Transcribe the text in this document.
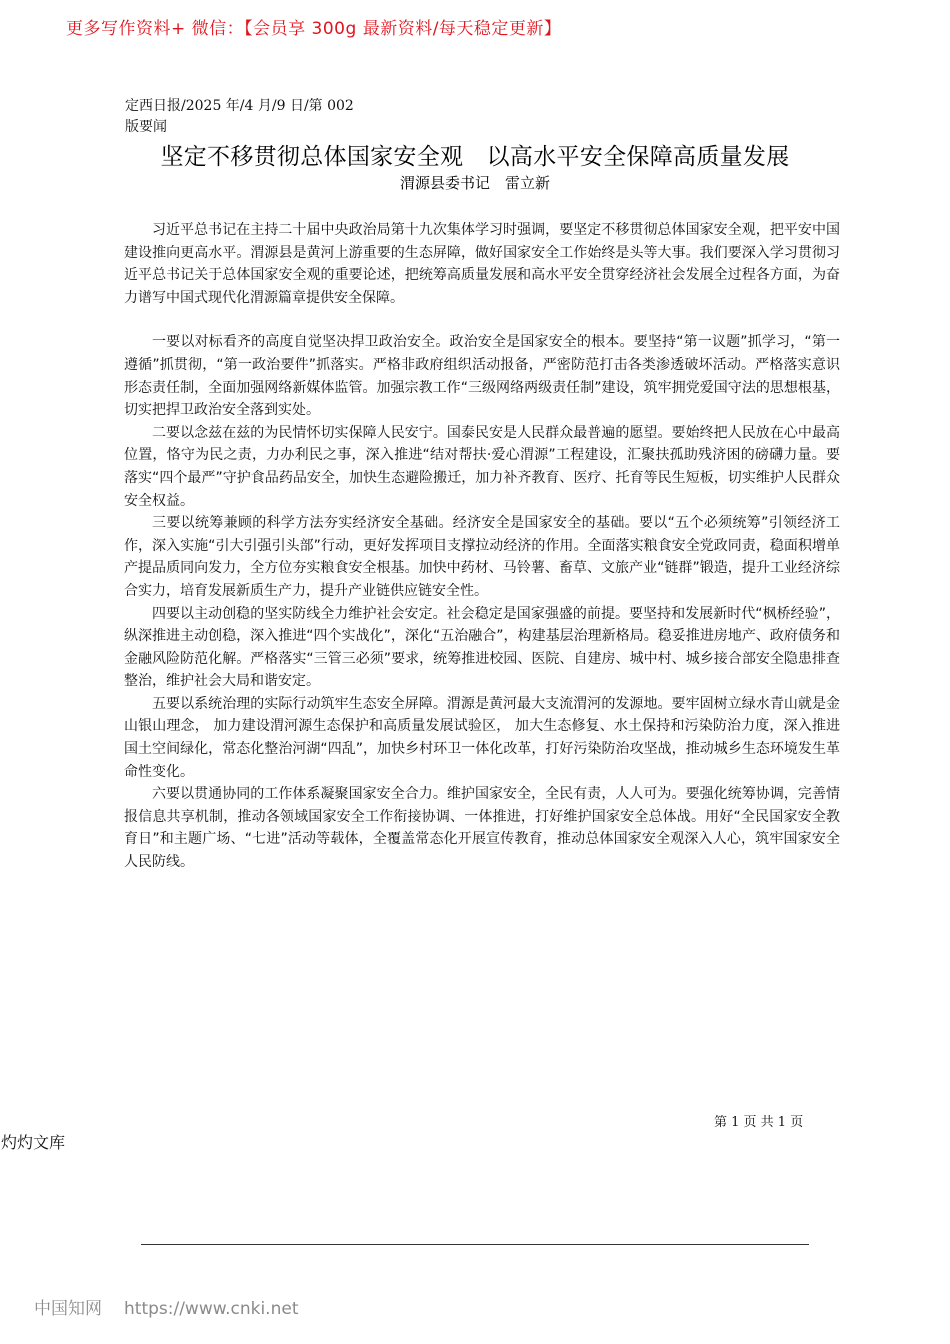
更多写作资料+ 微信：【会员享 300g 最新资料/每天稳定更新】
定西日报/2025 年/4 月/9 日/第 002
版要闻
坚定不移贯彻总体国家安全观　以高水平安全保障高质量发展
渭源县委书记　雷立新

习近平总书记在主持二十届中央政治局第十九次集体学习时强调，要坚定不移贯彻总体国家安全观，把平安中国建设推向更高水平。渭源县是黄河上游重要的生态屏障，做好国家安全工作始终是头等大事。我们要深入学习贯彻习近平总书记关于总体国家安全观的重要论述，把统筹高质量发展和高水平安全贯穿经济社会发展全过程各方面，为奋力谱写中国式现代化渭源篇章提供安全保障。

一要以对标看齐的高度自觉坚决捍卫政治安全。政治安全是国家安全的根本。要坚持“第一议题”抓学习，“第一遵循”抓贯彻，“第一政治要件”抓落实。严格非政府组织活动报备，严密防范打击各类渗透破坏活动。严格落实意识形态责任制，全面加强网络新媒体监管。加强宗教工作“三级网络两级责任制”建设，筑牢拥党爱国守法的思想根基，切实把捍卫政治安全落到实处。

二要以念兹在兹的为民情怀切实保障人民安宁。国泰民安是人民群众最普遍的愿望。要始终把人民放在心中最高位置，恪守为民之责，力办利民之事，深入推进“结对帮扶·爱心渭源”工程建设，汇聚扶孤助残济困的磅礴力量。要落实“四个最严”守护食品药品安全，加快生态避险搬迁，加力补齐教育、医疗、托育等民生短板，切实维护人民群众安全权益。

三要以统筹兼顾的科学方法夯实经济安全基础。经济安全是国家安全的基础。要以“五个必须统筹”引领经济工作，深入实施“引大引强引头部”行动，更好发挥项目支撑拉动经济的作用。全面落实粮食安全党政同责，稳面积增单产提品质同向发力，全方位夯实粮食安全根基。加快中药材、马铃薯、畜草、文旅产业“链群”锻造，提升工业经济综合实力，培育发展新质生产力，提升产业链供应链安全性。

四要以主动创稳的坚实防线全力维护社会安定。社会稳定是国家强盛的前提。要坚持和发展新时代“枫桥经验”，纵深推进主动创稳，深入推进“四个实战化”，深化“五治融合”，构建基层治理新格局。稳妥推进房地产、政府债务和金融风险防范化解。严格落实“三管三必须”要求，统筹推进校园、医院、自建房、城中村、城乡接合部安全隐患排查整治，维护社会大局和谐安定。

五要以系统治理的实际行动筑牢生态安全屏障。渭源是黄河最大支流渭河的发源地。要牢固树立绿水青山就是金山银山理念， 加力建设渭河源生态保护和高质量发展试验区， 加大生态修复、水土保持和污染防治力度，深入推进国土空间绿化，常态化整治河湖“四乱”，加快乡村环卫一体化改革，打好污染防治攻坚战，推动城乡生态环境发生革命性变化。

六要以贯通协同的工作体系凝聚国家安全合力。维护国家安全，全民有责，人人可为。要强化统筹协调，完善情报信息共享机制，推动各领域国家安全工作衔接协调、一体推进，打好维护国家安全总体战。用好“全民国家安全教育日”和主题广场、“七进”活动等载体，全覆盖常态化开展宣传教育，推动总体国家安全观深入人心，筑牢国家安全人民防线。

第 1 页 共 1 页
灼灼文库
中国知网 https://www.cnki.net
